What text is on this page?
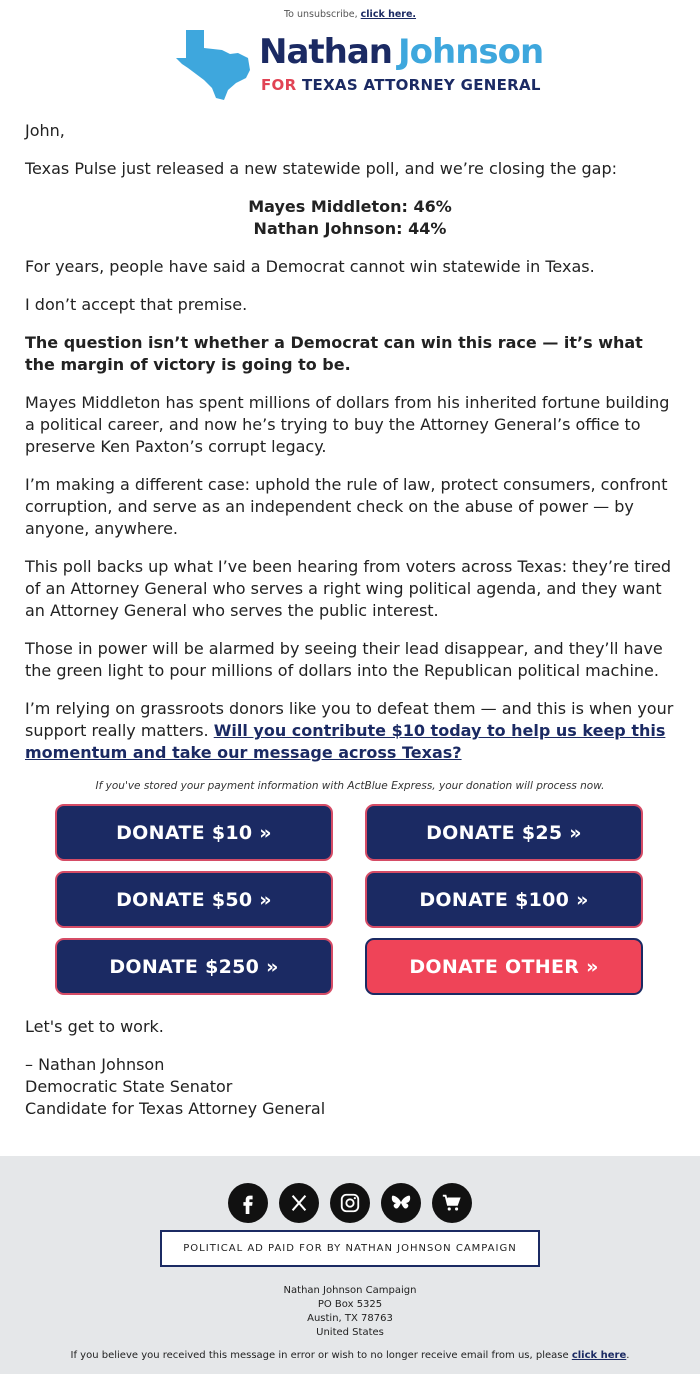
To unsubscribe, click here.
Nathan Johnson
FOR TEXAS ATTORNEY GENERAL

John,

Texas Pulse just released a new statewide poll, and we’re closing the gap:

Mayes Middleton: 46%
Nathan Johnson: 44%

For years, people have said a Democrat cannot win statewide in Texas.

I don’t accept that premise.

The question isn’t whether a Democrat can win this race — it’s what the margin of victory is going to be.

Mayes Middleton has spent millions of dollars from his inherited fortune building a political career, and now he’s trying to buy the Attorney General’s office to preserve Ken Paxton’s corrupt legacy.

I’m making a different case: uphold the rule of law, protect consumers, confront corruption, and serve as an independent check on the abuse of power — by anyone, anywhere.

This poll backs up what I’ve been hearing from voters across Texas: they’re tired of an Attorney General who serves a right wing political agenda, and they want an Attorney General who serves the public interest.

Those in power will be alarmed by seeing their lead disappear, and they’ll have the green light to pour millions of dollars into the Republican political machine.

I’m relying on grassroots donors like you to defeat them — and this is when your support really matters. Will you contribute $10 today to help us keep this momentum and take our message across Texas?

If you've stored your payment information with ActBlue Express, your donation will process now.
DONATE $10 »	DONATE $25 »
DONATE $50 »	DONATE $100 »
DONATE $250 »	DONATE OTHER »

Let's get to work.

– Nathan Johnson
Democratic State Senator
Candidate for Texas Attorney General
POLITICAL AD PAID FOR BY NATHAN JOHNSON CAMPAIGN
Nathan Johnson Campaign
PO Box 5325
Austin, TX 78763
United States
If you believe you received this message in error or wish to no longer receive email from us, please click here.
